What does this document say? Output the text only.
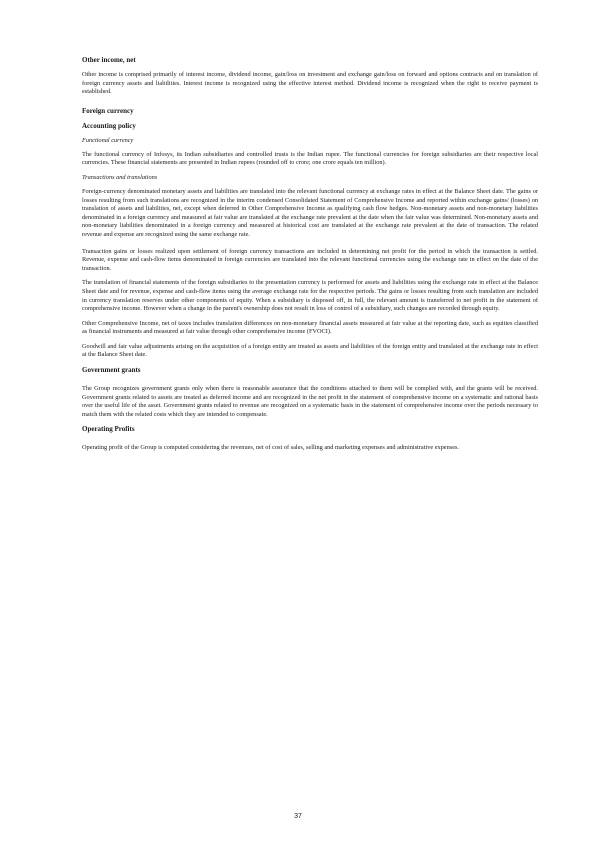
Other income, net

Other income is comprised primarily of interest income, dividend income, gain/loss on investment and exchange gain/loss on forward and options contracts and on translation of foreign currency assets and liabilities. Interest income is recognized using the effective interest method. Dividend income is recognized when the right to receive payment is established.

Foreign currency

Accounting policy

Functional currency

The functional currency of Infosys, its Indian subsidiaries and controlled trusts is the Indian rupee. The functional currencies for foreign subsidiaries are their respective local currencies. These financial statements are presented in Indian rupees (rounded off to crore; one crore equals ten million).

Transactions and translations

Foreign-currency denominated monetary assets and liabilities are translated into the relevant functional currency at exchange rates in effect at the Balance Sheet date. The gains or losses resulting from such translations are recognized in the interim condensed Consolidated Statement of Comprehensive Income and reported within exchange gains/ (losses) on translation of assets and liabilities, net, except when deferred in Other Comprehensive Income as qualifying cash flow hedges. Non-monetary assets and non-monetary liabilities denominated in a foreign currency and measured at fair value are translated at the exchange rate prevalent at the date when the fair value was determined. Non-monetary assets and non-monetary liabilities denominated in a foreign currency and measured at historical cost are translated at the exchange rate prevalent at the date of transaction. The related revenue and expense are recognized using the same exchange rate.

Transaction gains or losses realized upon settlement of foreign currency transactions are included in determining net profit for the period in which the transaction is settled. Revenue, expense and cash-flow items denominated in foreign currencies are translated into the relevant functional currencies using the exchange rate in effect on the date of the transaction.

The translation of financial statements of the foreign subsidiaries to the presentation currency is performed for assets and liabilities using the exchange rate in effect at the Balance Sheet date and for revenue, expense and cash-flow items using the average exchange rate for the respective periods. The gains or losses resulting from such translation are included in currency translation reserves under other components of equity. When a subsidiary is disposed off, in full, the relevant amount is transferred to net profit in the statement of comprehensive income. However when a change in the parent's ownership does not result in loss of control of a subsidiary, such changes are recorded through equity.

Other Comprehensive Income, net of taxes includes translation differences on non-monetary financial assets measured at fair value at the reporting date, such as equities classified as financial instruments and measured at fair value through other comprehensive income (FVOCI).

Goodwill and fair value adjustments arising on the acquisition of a foreign entity are treated as assets and liabilities of the foreign entity and translated at the exchange rate in effect at the Balance Sheet date.

Government grants

The Group recognizes government grants only when there is reasonable assurance that the conditions attached to them will be complied with, and the grants will be received. Government grants related to assets are treated as deferred income and are recognized in the net profit in the statement of comprehensive income on a systematic and rational basis over the useful life of the asset. Government grants related to revenue are recognized on a systematic basis in the statement of comprehensive income over the periods necessary to match them with the related costs which they are intended to compensate.

Operating Profits

Operating profit of the Group is computed considering the revenues, net of cost of sales, selling and marketing expenses and administrative expenses.

37
